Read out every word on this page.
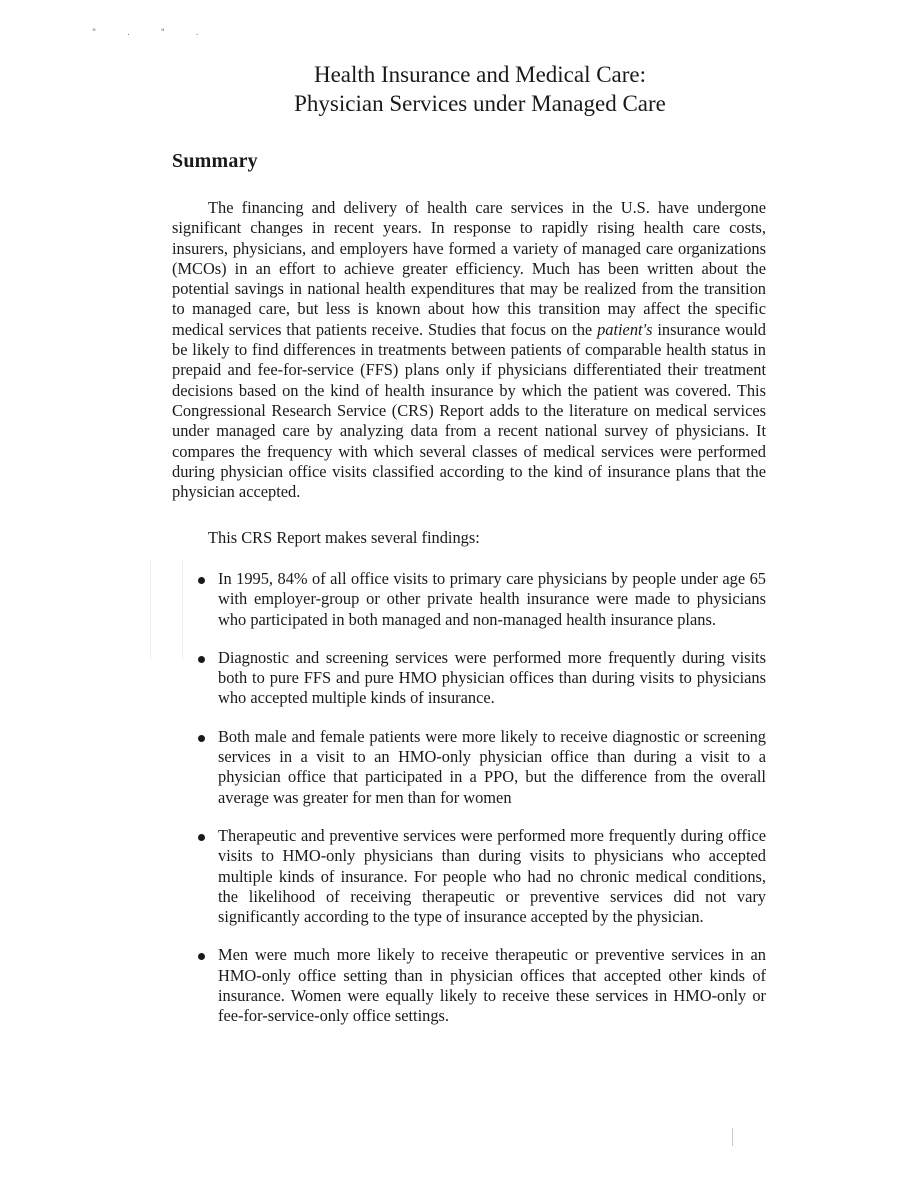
" . " .
Health Insurance and Medical Care:
Physician Services under Managed Care
Summary

The financing and delivery of health care services in the U.S. have undergone significant changes in recent years. In response to rapidly rising health care costs, insurers, physicians, and employers have formed a variety of managed care organizations (MCOs) in an effort to achieve greater efficiency. Much has been written about the potential savings in national health expenditures that may be realized from the transition to managed care, but less is known about how this transition may affect the specific medical services that patients receive. Studies that focus on the patient's insurance would be likely to find differences in treatments between patients of comparable health status in prepaid and fee-for-service (FFS) plans only if physicians differentiated their treatment decisions based on the kind of health insurance by which the patient was covered. This Congressional Research Service (CRS) Report adds to the literature on medical services under managed care by analyzing data from a recent national survey of physicians. It compares the frequency with which several classes of medical services were performed during physician office visits classified according to the kind of insurance plans that the physician accepted.

This CRS Report makes several findings:

In 1995, 84% of all office visits to primary care physicians by people under age 65 with employer-group or other private health insurance were made to physicians who participated in both managed and non-managed health insurance plans.
Diagnostic and screening services were performed more frequently during visits both to pure FFS and pure HMO physician offices than during visits to physicians who accepted multiple kinds of insurance.
Both male and female patients were more likely to receive diagnostic or screening services in a visit to an HMO-only physician office than during a visit to a physician office that participated in a PPO, but the difference from the overall average was greater for men than for women
Therapeutic and preventive services were performed more frequently during office visits to HMO-only physicians than during visits to physicians who accepted multiple kinds of insurance. For people who had no chronic medical conditions, the likelihood of receiving therapeutic or preventive services did not vary significantly according to the type of insurance accepted by the physician.
Men were much more likely to receive therapeutic or preventive services in an HMO-only office setting than in physician offices that accepted other kinds of insurance. Women were equally likely to receive these services in HMO-only or fee-for-service-only office settings.
